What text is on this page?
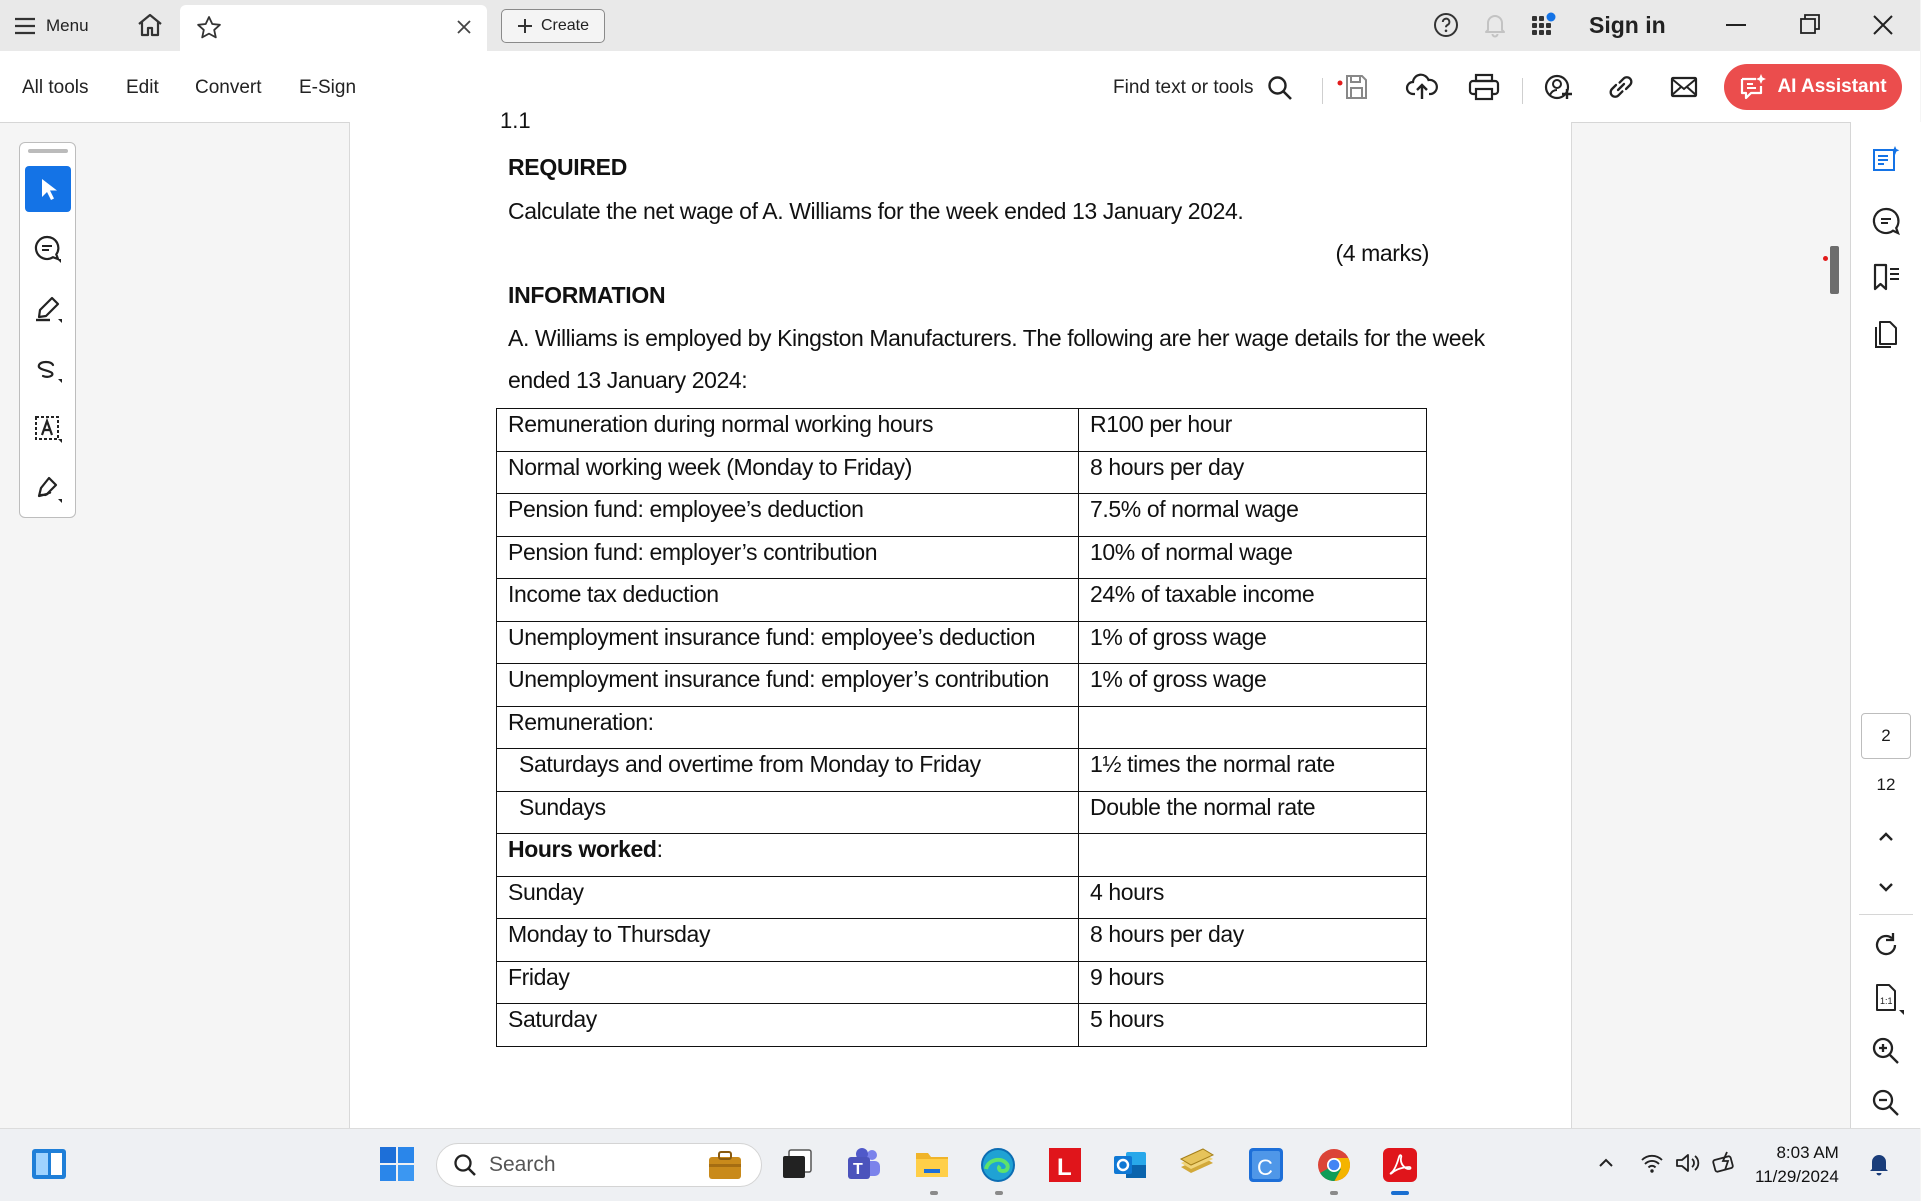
Menu	Create	Sign in
All tools Edit Convert E-Sign	Find text or tools	AI Assistant
1.1
REQUIRED
Calculate the net wage of A. Williams for the week ended 13 January 2024.
(4 marks)
INFORMATION
A. Williams is employed by Kingston Manufacturers. The following are her wage details for the week
ended 13 January 2024:
Remuneration during normal working hours	R100 per hour
Normal working week (Monday to Friday)	8 hours per day
Pension fund: employee’s deduction	7.5% of normal wage
Pension fund: employer’s contribution	10% of normal wage
Income tax deduction	24% of taxable income
Unemployment insurance fund: employee’s deduction	1% of gross wage
Unemployment insurance fund: employer’s contribution	1% of gross wage
Remuneration:	
Saturdays and overtime from Monday to Friday	1½ times the normal rate
Sundays	Double the normal rate
Hours worked:	
Sunday	4 hours
Monday to Thursday	8 hours per day
Friday	9 hours
Saturday	5 hours
2
12
1:1
Search	T	L	C
8:03 AM
11/29/2024
